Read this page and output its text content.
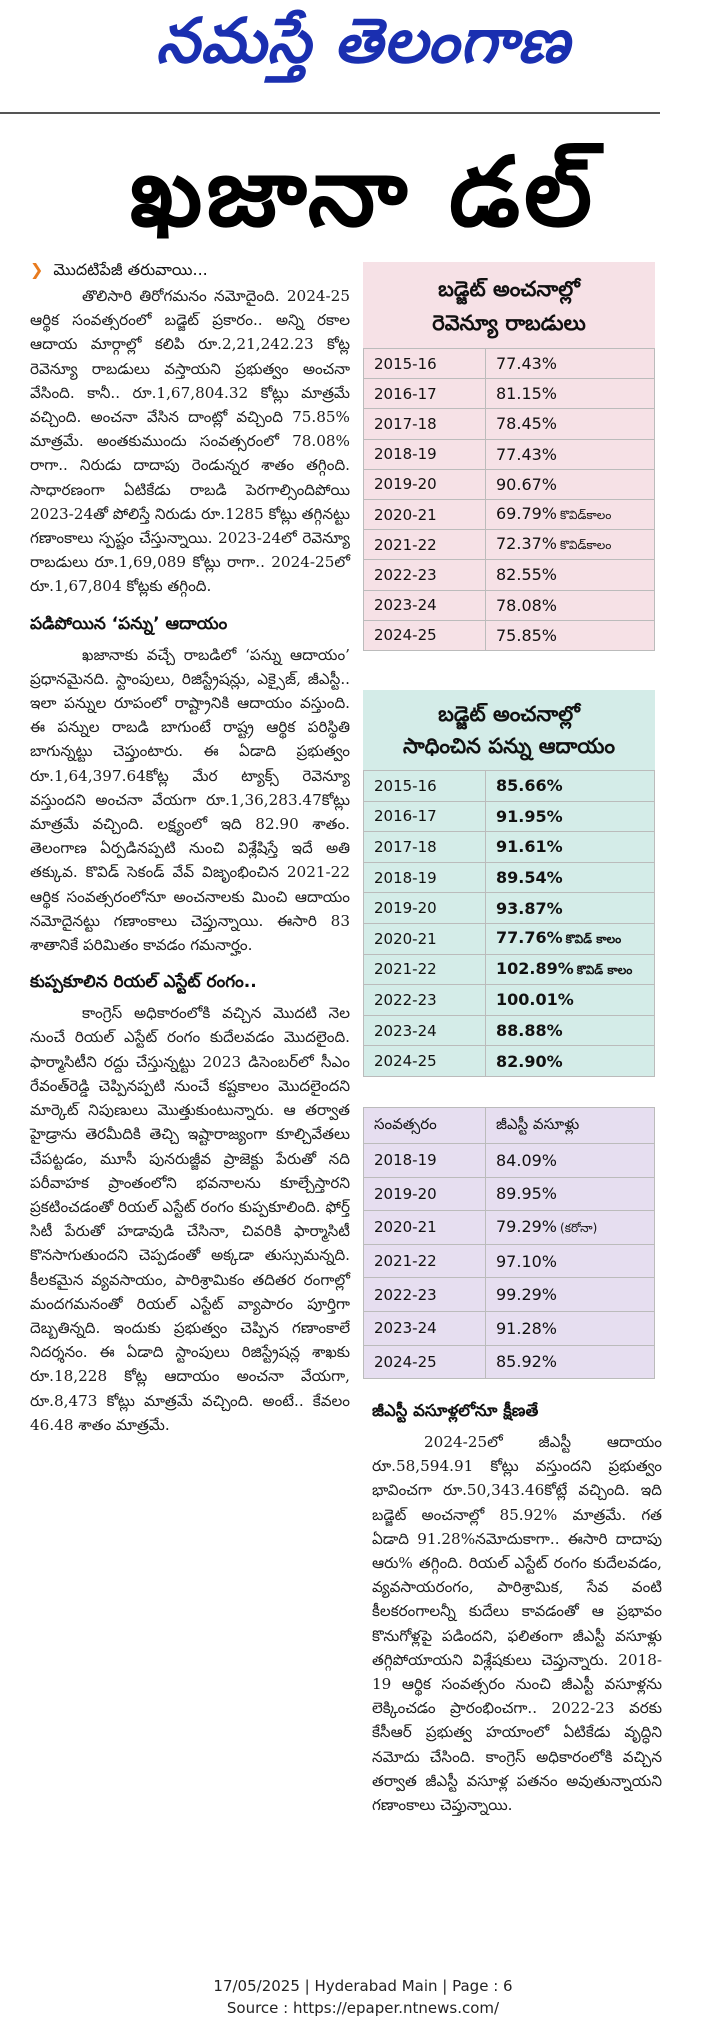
నమస్తే తెలంగాణ
ఖజానా డల్
❯ మొదటిపేజీ తరువాయి...

తొలిసారి తిరోగమనం నమోదైంది. 2024-25 ఆర్థిక సంవత్సరంలో బడ్జెట్ ప్రకారం.. అన్ని రకాల ఆదాయ మార్గాల్లో కలిపి రూ.2,21,242.23 కోట్ల రెవెన్యూ రాబడులు వస్తాయని ప్రభుత్వం అంచనా వేసింది. కానీ.. రూ.1,67,804.32 కోట్లు మాత్రమే వచ్చింది. అంచనా వేసిన దాంట్లో వచ్చింది 75.85% మాత్రమే. అంతకుముందు సంవత్సరంలో 78.08% రాగా.. నిరుడు దాదాపు రెండున్నర శాతం తగ్గింది. సాధారణంగా ఏటికేడు రాబడి పెరగాల్సిందిపోయి 2023-24తో పోలిస్తే నిరుడు రూ.1285 కోట్లు తగ్గినట్టు గణాంకాలు స్పష్టం చేస్తున్నాయి. 2023-24లో రెవెన్యూ రాబడులు రూ.1,69,089 కోట్లు రాగా.. 2024-25లో రూ.1,67,804 కోట్లకు తగ్గింది.

పడిపోయిన ‘పన్ను’ ఆదాయం

ఖజానాకు వచ్చే రాబడిలో ‘పన్ను ఆదాయం’ ప్రధానమైనది. స్టాంపులు, రిజిస్ట్రేషన్లు, ఎక్సైజ్, జీఎస్టీ.. ఇలా పన్నుల రూపంలో రాష్ట్రానికి ఆదాయం వస్తుంది. ఈ పన్నుల రాబడి బాగుంటే రాష్ట్ర ఆర్థిక పరిస్థితి బాగున్నట్టు చెప్తుంటారు. ఈ ఏడాది ప్రభుత్వం రూ.1,64,397.64కోట్ల మేర ట్యాక్స్ రెవెన్యూ వస్తుందని అంచనా వేయగా రూ.1,36,283.47కోట్లు మాత్రమే వచ్చింది. లక్ష్యంలో ఇది 82.90 శాతం. తెలంగాణ ఏర్పడినప్పటి నుంచి విశ్లేషిస్తే ఇదే అతి తక్కువ. కొవిడ్ సెకండ్ వేవ్ విజృంభించిన 2021-22 ఆర్థిక సంవత్సరంలోనూ అంచనాలకు మించి ఆదాయం నమోదైనట్టు గణాంకాలు చెప్తున్నాయి. ఈసారి 83 శాతానికే పరిమితం కావడం గమనార్హం.

కుప్పకూలిన రియల్ ఎస్టేట్ రంగం..

కాంగ్రెస్ అధికారంలోకి వచ్చిన మొదటి నెల నుంచే రియల్ ఎస్టేట్ రంగం కుదేలవడం మొదలైంది. ఫార్మాసిటీని రద్దు చేస్తున్నట్టు 2023 డిసెంబర్‌లో సీఎం రేవంత్‌రెడ్డి చెప్పినప్పటి నుంచే కష్టకాలం మొదలైందని మార్కెట్ నిపుణులు మొత్తుకుంటున్నారు. ఆ తర్వాత హైడ్రాను తెరమీదికి తెచ్చి ఇష్టారాజ్యంగా కూల్చివేతలు చేపట్టడం, మూసీ పునరుజ్జీవ ప్రాజెక్టు పేరుతో నది పరీవాహక ప్రాంతంలోని భవనాలను కూల్చేస్తారని ప్రకటించడంతో రియల్ ఎస్టేట్ రంగం కుప్పకూలింది. ఫోర్త్ సిటీ పేరుతో హడావుడి చేసినా, చివరికి ఫార్మాసిటీ కొనసాగుతుందని చెప్పడంతో అక్కడా తుస్సుమన్నది. కీలకమైన వ్యవసాయం, పారిశ్రామికం తదితర రంగాల్లో మందగమనంతో రియల్ ఎస్టేట్ వ్యాపారం పూర్తిగా దెబ్బతిన్నది. ఇందుకు ప్రభుత్వం చెప్పిన గణాంకాలే నిదర్శనం. ఈ ఏడాది స్టాంపులు రిజిస్ట్రేషన్ల శాఖకు రూ.18,228 కోట్ల ఆదాయం అంచనా వేయగా, రూ.8,473 కోట్లు మాత్రమే వచ్చింది. అంటే.. కేవలం 46.48 శాతం మాత్రమే.

బడ్జెట్ అంచనాల్లో
రెవెన్యూ రాబడులు
2015-16	77.43%
2016-17	81.15%
2017-18	78.45%
2018-19	77.43%
2019-20	90.67%
2020-21	69.79% కొవిడ్‌కాలం
2021-22	72.37% కొవిడ్‌కాలం
2022-23	82.55%
2023-24	78.08%
2024-25	75.85%
బడ్జెట్ అంచనాల్లో
సాధించిన పన్ను ఆదాయం
2015-16	85.66%
2016-17	91.95%
2017-18	91.61%
2018-19	89.54%
2019-20	93.87%
2020-21	77.76% కొవిడ్ కాలం
2021-22	102.89% కొవిడ్ కాలం
2022-23	100.01%
2023-24	88.88%
2024-25	82.90%
సంవత్సరం	జీఎస్టీ వసూళ్లు
2018-19	84.09%
2019-20	89.95%
2020-21	79.29% (కరోనా)
2021-22	97.10%
2022-23	99.29%
2023-24	91.28%
2024-25	85.92%
జీఎస్టీ వసూళ్లలోనూ క్షీణతే

2024-25లో జీఎస్టీ ఆదాయం రూ.58,594.91 కోట్లు వస్తుందని ప్రభుత్వం భావించగా రూ.50,343.46కోట్లే వచ్చింది. ఇది బడ్జెట్ అంచనాల్లో 85.92% మాత్రమే. గత ఏడాది 91.28%నమోదుకాగా.. ఈసారి దాదాపు ఆరు% తగ్గింది. రియల్ ఎస్టేట్ రంగం కుదేలవడం, వ్యవసాయరంగం, పారిశ్రామిక, సేవ వంటి కీలకరంగాలన్నీ కుదేలు కావడంతో ఆ ప్రభావం కొనుగోళ్లపై పడిందని, ఫలితంగా జీఎస్టీ వసూళ్లు తగ్గిపోయాయని విశ్లేషకులు చెప్తున్నారు. 2018-19 ఆర్థిక సంవత్సరం నుంచి జీఎస్టీ వసూళ్లను లెక్కించడం ప్రారంభించగా.. 2022-23 వరకు కేసీఆర్ ప్రభుత్వ హయాంలో ఏటికేడు వృద్ధిని నమోదు చేసింది. కాంగ్రెస్ అధికారంలోకి వచ్చిన తర్వాత జీఎస్టీ వసూళ్ల పతనం అవుతున్నాయని గణాంకాలు చెప్తున్నాయి.

17/05/2025 | Hyderabad Main | Page : 6
Source : https://epaper.ntnews.com/
